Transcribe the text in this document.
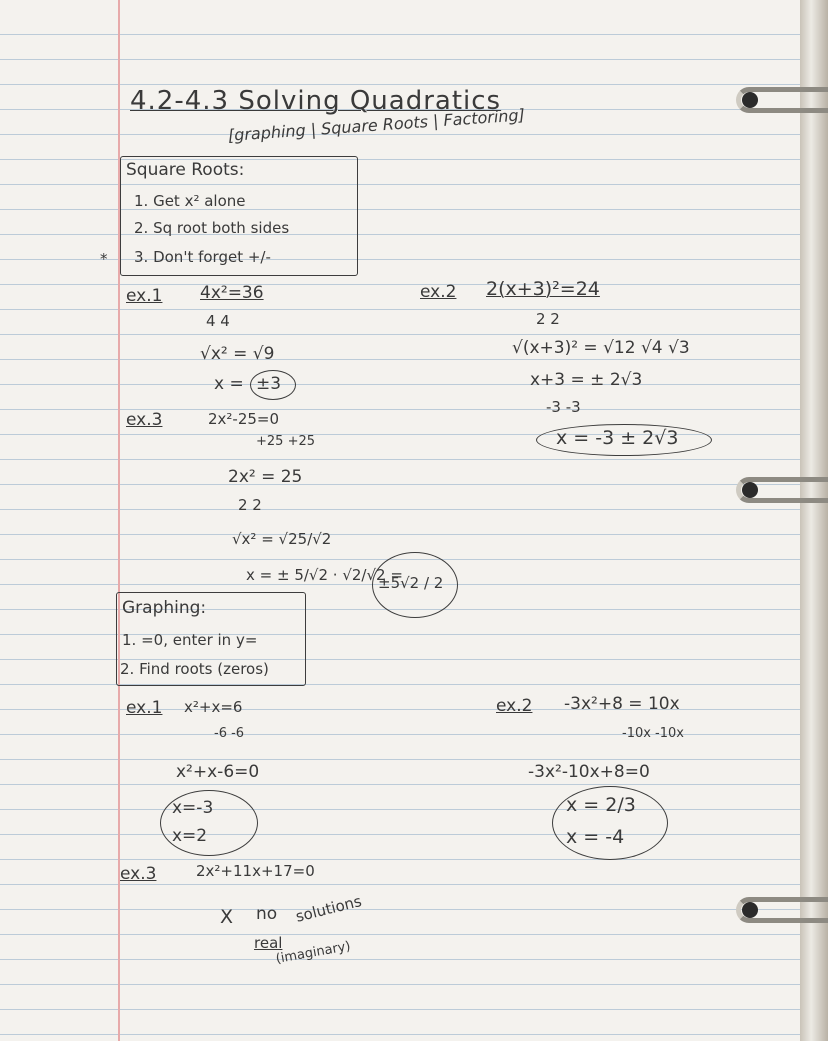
4.2-4.3 Solving Quadratics
[graphing | Square Roots | Factoring]
Square Roots:
1. Get x² alone
2. Sq root both sides
3. Don't forget +/-
*
ex.1 4x²=36
4 4
√x² = √9
x = ±3
ex.2 2(x+3)²=24
2 2
√(x+3)² = √12 √4 √3
x+3 = ± 2√3
-3 -3
x = -3 ± 2√3
ex.3	2x²-25=0
+25 +25
2x² = 25
2 2
√x² = √25/√2
x = ± 5/√2 · √2/√2 =
±5√2 / 2
Graphing:
1. =0, enter in y=
2. Find roots (zeros)
ex.1 x²+x=6
-6 -6
x²+x-6=0
x=-3
x=2
ex.2 -3x²+8 = 10x
-10x -10x
-3x²-10x+8=0
x = 2/3
x = -4
ex.3	2x²+11x+17=0
X no
real
solutions
(imaginary)
